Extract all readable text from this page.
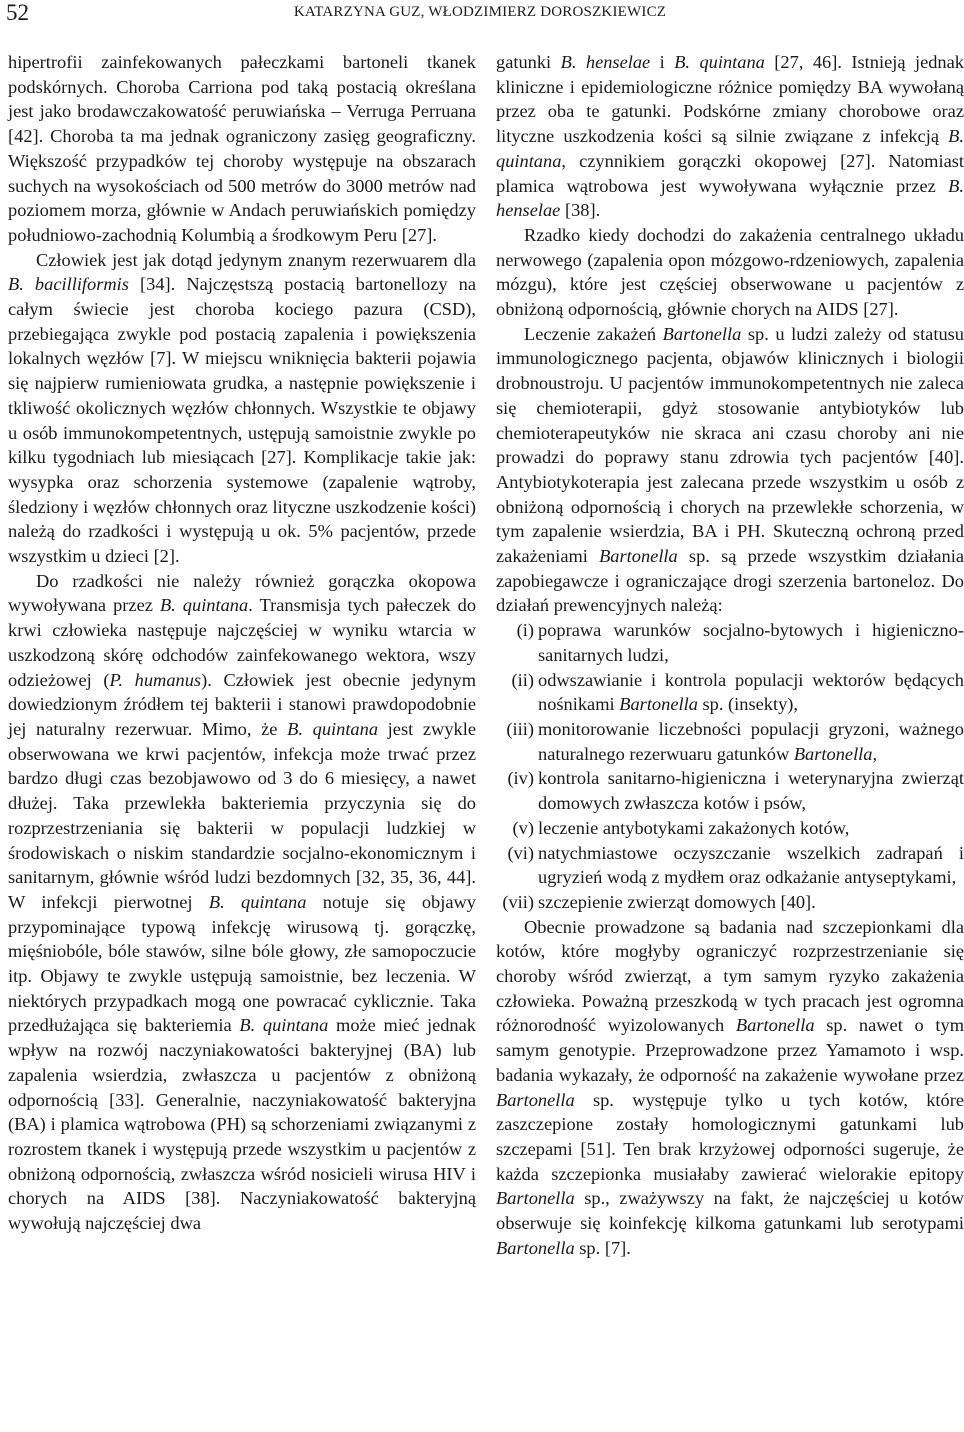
52	KATARZYNA GUZ, WŁODZIMIERZ DOROSZKIEWICZ

hipertrofii zainfekowanych pałeczkami bartoneli tkanek podskórnych. Choroba Carriona pod taką postacią określana jest jako brodawczakowatość peruwiańska – Verruga Perruana [42]. Choroba ta ma jednak ograniczony zasięg geograficzny. Większość przypadków tej choroby występuje na obszarach suchych na wysokościach od 500 metrów do 3000 metrów nad poziomem morza, głównie w Andach peruwiańskich pomiędzy południowo-zachodnią Kolumbią a środkowym Peru [27].

Człowiek jest jak dotąd jedynym znanym rezerwuarem dla B. bacilliformis [34]. Najczęstszą postacią bartonellozy na całym świecie jest choroba kociego pazura (CSD), przebiegająca zwykle pod postacią zapalenia i powiększenia lokalnych węzłów [7]. W miejscu wniknięcia bakterii pojawia się najpierw rumieniowata grudka, a następnie powiększenie i tkliwość okolicznych węzłów chłonnych. Wszystkie te objawy u osób immunokompetentnych, ustępują samoistnie zwykle po kilku tygodniach lub miesiącach [27]. Komplikacje takie jak: wysypka oraz schorzenia systemowe (zapalenie wątroby, śledziony i węzłów chłonnych oraz lityczne uszkodzenie kości) należą do rzadkości i występują u ok. 5% pacjentów, przede wszystkim u dzieci [2].

Do rzadkości nie należy również gorączka okopowa wywoływana przez B. quintana. Transmisja tych pałeczek do krwi człowieka następuje najczęściej w wyniku wtarcia w uszkodzoną skórę odchodów zainfekowanego wektora, wszy odzieżowej (P. humanus). Człowiek jest obecnie jedynym dowiedzionym źródłem tej bakterii i stanowi prawdopodobnie jej naturalny rezerwuar. Mimo, że B. quintana jest zwykle obserwowana we krwi pacjentów, infekcja może trwać przez bardzo długi czas bezobjawowo od 3 do 6 miesięcy, a nawet dłużej. Taka przewlekła bakteriemia przyczynia się do rozprzestrzeniania się bakterii w populacji ludzkiej w środowiskach o niskim standardzie socjalno-ekonomicznym i sanitarnym, głównie wśród ludzi bezdomnych [32, 35, 36, 44]. W infekcji pierwotnej B. quintana notuje się objawy przypominające typową infekcję wirusową tj. gorączkę, mięśniobóle, bóle stawów, silne bóle głowy, złe samopoczucie itp. Objawy te zwykle ustępują samoistnie, bez leczenia. W niektórych przypadkach mogą one powracać cyklicznie. Taka przedłużająca się bakteriemia B. quintana może mieć jednak wpływ na rozwój naczyniakowatości bakteryjnej (BA) lub zapalenia wsierdzia, zwłaszcza u pacjentów z obniżoną odpornością [33]. Generalnie, naczyniakowatość bakteryjna (BA) i plamica wątrobowa (PH) są schorzeniami związanymi z rozrostem tkanek i występują przede wszystkim u pacjentów z obniżoną odpornością, zwłaszcza wśród nosicieli wirusa HIV i chorych na AIDS [38]. Naczyniakowatość bakteryjną wywołują najczęściej dwa

gatunki B. henselae i B. quintana [27, 46]. Istnieją jednak kliniczne i epidemiologiczne różnice pomiędzy BA wywołaną przez oba te gatunki. Podskórne zmiany chorobowe oraz lityczne uszkodzenia kości są silnie związane z infekcją B. quintana, czynnikiem gorączki okopowej [27]. Natomiast plamica wątrobowa jest wywoływana wyłącznie przez B. henselae [38].

Rzadko kiedy dochodzi do zakażenia centralnego układu nerwowego (zapalenia opon mózgowo-rdzeniowych, zapalenia mózgu), które jest częściej obserwowane u pacjentów z obniżoną odpornością, głównie chorych na AIDS [27].

Leczenie zakażeń Bartonella sp. u ludzi zależy od statusu immunologicznego pacjenta, objawów klinicznych i biologii drobnoustroju. U pacjentów immunokompetentnych nie zaleca się chemioterapii, gdyż stosowanie antybiotyków lub chemioterapeutyków nie skraca ani czasu choroby ani nie prowadzi do poprawy stanu zdrowia tych pacjentów [40]. Antybiotykoterapia jest zalecana przede wszystkim u osób z obniżoną odpornością i chorych na przewlekłe schorzenia, w tym zapalenie wsierdzia, BA i PH. Skuteczną ochroną przed zakażeniami Bartonella sp. są przede wszystkim działania zapobiegawcze i ograniczające drogi szerzenia bartoneloz. Do działań prewencyjnych należą:

(i) poprawa warunków socjalno-bytowych i higieniczno-sanitarnych ludzi,
(ii) odwszawianie i kontrola populacji wektorów będących nośnikami Bartonella sp. (insekty),
(iii) monitorowanie liczebności populacji gryzoni, ważnego naturalnego rezerwuaru gatunków Bartonella,
(iv) kontrola sanitarno-higieniczna i weterynaryjna zwierząt domowych zwłaszcza kotów i psów,
(v) leczenie antybotykami zakażonych kotów,
(vi) natychmiastowe oczyszczanie wszelkich zadrapań i ugryzień wodą z mydłem oraz odkażanie antyseptykami,
(vii) szczepienie zwierząt domowych [40].

Obecnie prowadzone są badania nad szczepionkami dla kotów, które mogłyby ograniczyć rozprzestrzenianie się choroby wśród zwierząt, a tym samym ryzyko zakażenia człowieka. Poważną przeszkodą w tych pracach jest ogromna różnorodność wyizolowanych Bartonella sp. nawet o tym samym genotypie. Przeprowadzone przez Yamamoto i wsp. badania wykazały, że odporność na zakażenie wywołane przez Bartonella sp. występuje tylko u tych kotów, które zaszczepione zostały homologicznymi gatunkami lub szczepami [51]. Ten brak krzyżowej odporności sugeruje, że każda szczepionka musiałaby zawierać wielorakie epitopy Bartonella sp., zważywszy na fakt, że najczęściej u kotów obserwuje się koinfekcję kilkoma gatunkami lub serotypami Bartonella sp. [7].
